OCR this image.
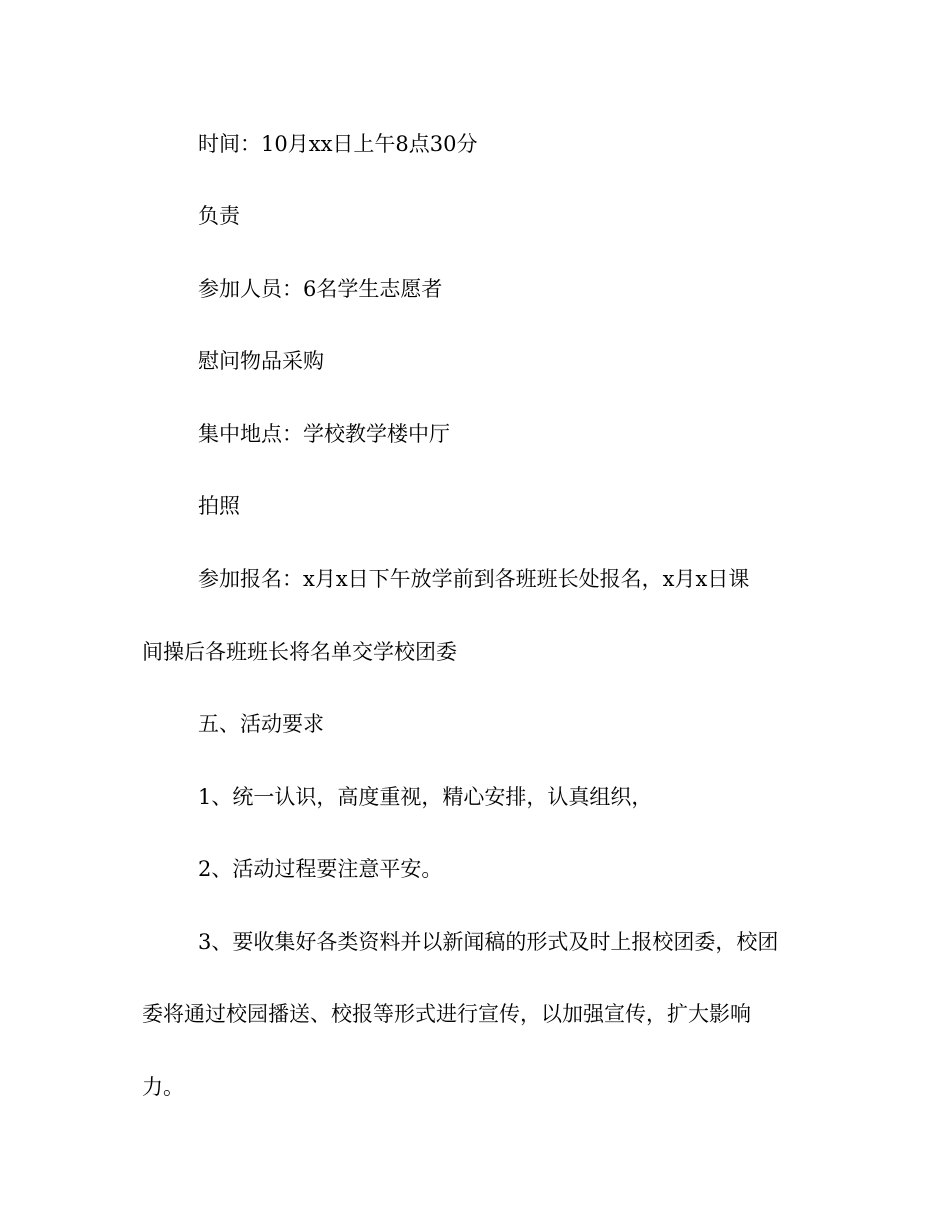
时间：10月xx日上午8点30分
负责
参加人员：6名学生志愿者
慰问物品采购
集中地点：学校教学楼中厅
拍照
参加报名：x月x日下午放学前到各班班长处报名，x月x日课
间操后各班班长将名单交学校团委
五、活动要求
1、统一认识，高度重视，精心安排，认真组织，
2、活动过程要注意平安。
3、要收集好各类资料并以新闻稿的形式及时上报校团委，校团
委将通过校园播送、校报等形式进行宣传，以加强宣传，扩大影响
力。
